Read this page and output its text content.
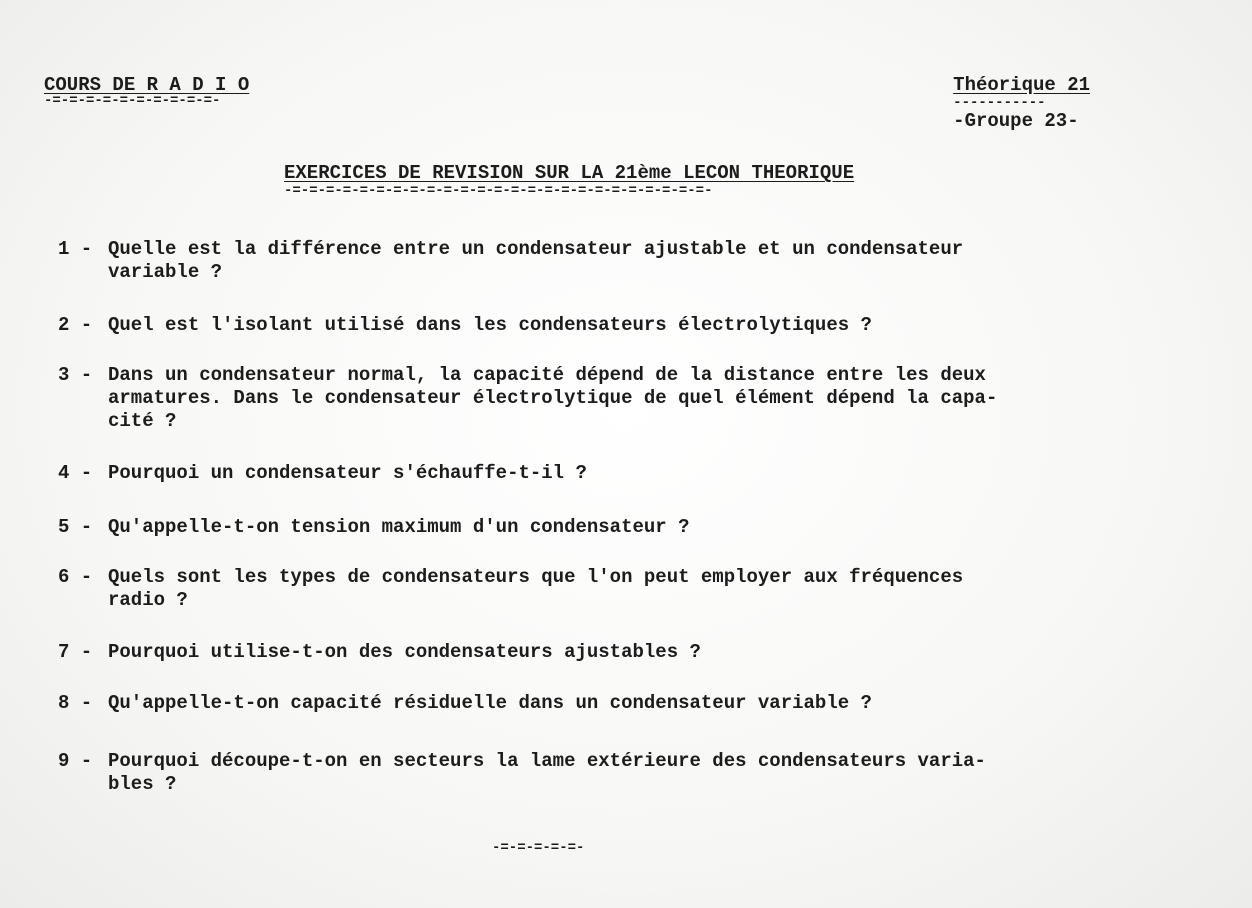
COURS DE R A D I O
-=-=-=-=-=-=-=-=-=-=-
Théorique 21
-----------
-Groupe 23-
EXERCICES DE REVISION SUR LA 21ème LECON THEORIQUE
-=-=-=-=-=-=-=-=-=-=-=-=-=-=-=-=-=-=-=-=-=-=-=-=-=-
1 - Quelle est la différence entre un condensateur ajustable et un condensateur
variable ?
2 - Quel est l'isolant utilisé dans les condensateurs électrolytiques ?
3 - Dans un condensateur normal, la capacité dépend de la distance entre les deux
armatures. Dans le condensateur électrolytique de quel élément dépend la capa-
cité ?
4 - Pourquoi un condensateur s'échauffe-t-il ?
5 - Qu'appelle-t-on tension maximum d'un condensateur ?
6 - Quels sont les types de condensateurs que l'on peut employer aux fréquences
radio ?
7 - Pourquoi utilise-t-on des condensateurs ajustables ?
8 - Qu'appelle-t-on capacité résiduelle dans un condensateur variable ?
9 - Pourquoi découpe-t-on en secteurs la lame extérieure des condensateurs varia-
bles ?
-=-=-=-=-=-
